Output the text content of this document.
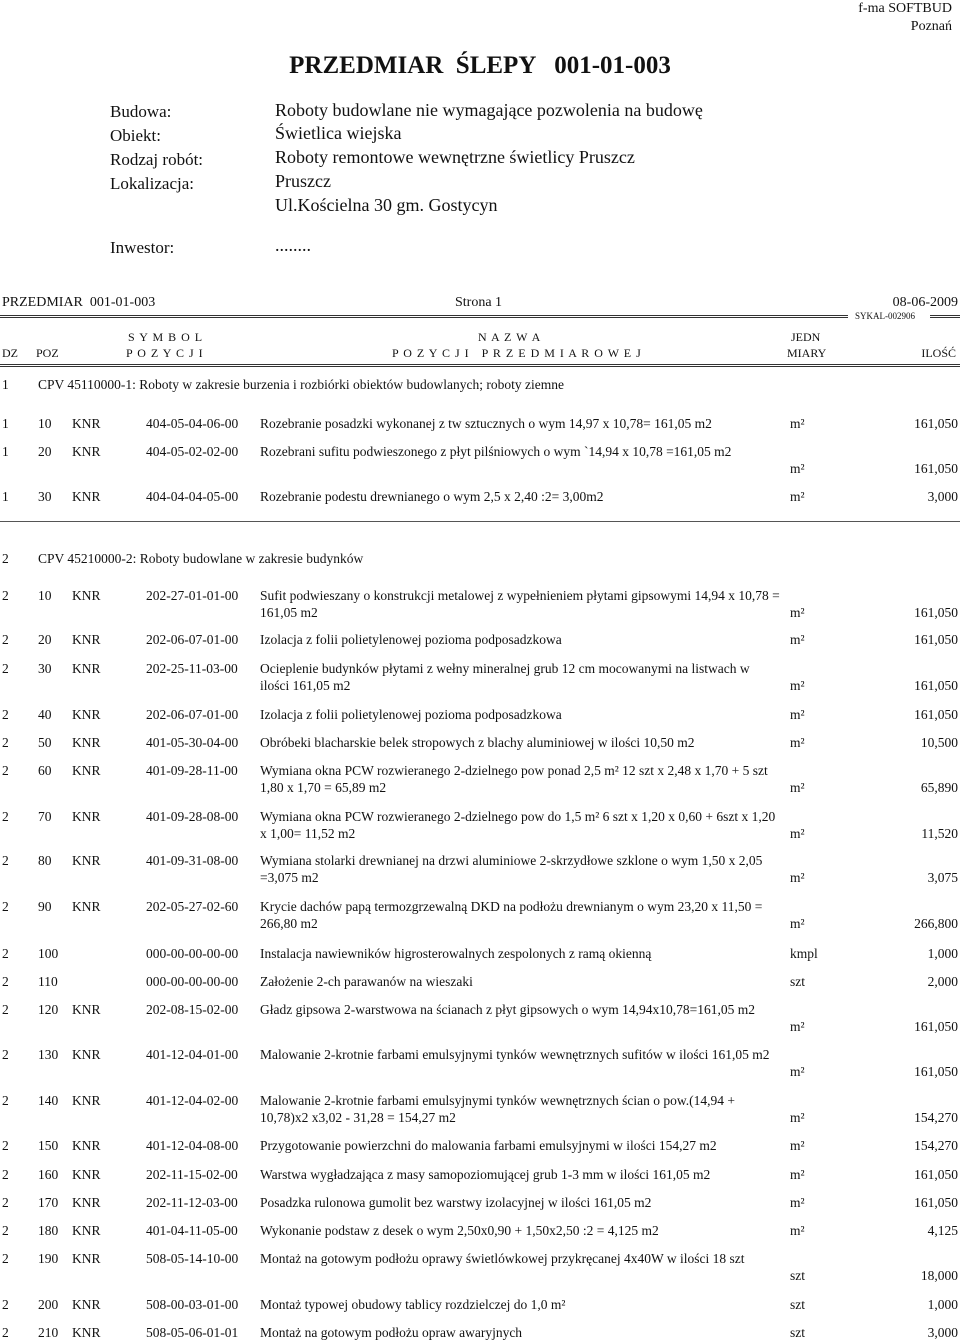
f-ma SOFTBUD
Poznań
PRZEDMIAR  ŚLEPY   001-01-003
Budowa:	Roboty budowlane nie wymagające pozwolenia na budowę
Obiekt:	Świetlica wiejska
Rodzaj robót:	Roboty remontowe wewnętrzne świetlicy Pruszcz
Lokalizacja:	Pruszcz
Ul.Kościelna 30 gm. Gostycyn
Inwestor:	........
PRZEDMIAR  001-01-003	Strona 1	08-06-2009
SYKAL-002906
S Y M B O L
P O Z Y C J I
N A Z W A
P O Z Y C J I   P R Z E D M I A R O W E J
JEDN
MIARY
DZ POZ	ILOŚĆ
1 CPV 45110000-1: Roboty w zakresie burzenia i rozbiórki obiektów budowlanych; roboty ziemne
1 10 KNR	404-05-04-06-00 Rozebranie posadzki wykonanej z tw sztucznych o wym 14,97 x 10,78= 161,05 m2	m²	161,050
1 20 KNR	404-05-02-02-00 Rozebrani sufitu podwieszonego z płyt pilśniowych o wym `14,94 x 10,78 =161,05 m2
m²	161,050
1 30 KNR	404-04-04-05-00 Rozebranie podestu drewnianego o wym 2,5 x 2,40 :2= 3,00m2	m²	3,000
2 CPV 45210000-2: Roboty budowlane w zakresie budynków
2 10 KNR	202-27-01-01-00 Sufit podwieszany o konstrukcji metalowej z wypełnieniem płytami gipsowymi 14,94 x 10,78 = 161,05 m2	m²	161,050
2 20 KNR	202-06-07-01-00 Izolacja z folii polietylenowej pozioma podposadzkowa	m²	161,050
2 30 KNR	202-25-11-03-00 Ocieplenie budynków płytami z wełny mineralnej grub 12 cm mocowanymi na listwach w ilości 161,05 m2	m²	161,050
2 40 KNR	202-06-07-01-00 Izolacja z folii polietylenowej pozioma podposadzkowa	m²	161,050
2 50 KNR	401-05-30-04-00 Obróbeki blacharskie belek stropowych z blachy aluminiowej w ilości 10,50 m2	m²	10,500
2 60 KNR	401-09-28-11-00 Wymiana okna PCW rozwieranego 2-dzielnego pow ponad 2,5 m² 12 szt x 2,48 x 1,70 + 5 szt 1,80 x 1,70 = 65,89 m2	m²	65,890
2 70 KNR	401-09-28-08-00 Wymiana okna PCW rozwieranego 2-dzielnego pow do 1,5 m² 6 szt x 1,20 x 0,60 + 6szt x 1,20 x 1,00= 11,52 m2	m²	11,520
2 80 KNR	401-09-31-08-00 Wymiana stolarki drewnianej na drzwi aluminiowe 2-skrzydłowe szklone o wym 1,50 x 2,05 =3,075 m2	m²	3,075
2 90 KNR	202-05-27-02-60 Krycie dachów papą termozgrzewalną DKD na podłożu drewnianym o wym 23,20 x 11,50 = 266,80 m2	m²	266,800
2 100	000-00-00-00-00 Instalacja nawiewników higrosterowalnych zespolonych z ramą okienną	kmpl	1,000
2 110	000-00-00-00-00 Założenie 2-ch parawanów na wieszaki	szt	2,000
2 120 KNR	202-08-15-02-00 Gładz gipsowa 2-warstwowa na ścianach z płyt gipsowych o wym 14,94x10,78=161,05 m2
m²	161,050
2 130 KNR	401-12-04-01-00 Malowanie 2-krotnie farbami emulsyjnymi tynków wewnętrznych sufitów w ilości 161,05 m2
m²	161,050
2 140 KNR	401-12-04-02-00 Malowanie 2-krotnie farbami emulsyjnymi tynków wewnętrznych ścian o pow.(14,94 + 10,78)x2 x3,02 - 31,28 = 154,27 m2	m²	154,270
2 150 KNR	401-12-04-08-00 Przygotowanie powierzchni do malowania farbami emulsyjnymi w ilości 154,27 m2	m²	154,270
2 160 KNR	202-11-15-02-00 Warstwa wygładzająca z masy samopoziomującej grub 1-3 mm w ilości 161,05 m2	m²	161,050
2 170 KNR	202-11-12-03-00 Posadzka rulonowa gumolit bez warstwy izolacyjnej w ilości 161,05 m2	m²	161,050
2 180 KNR	401-04-11-05-00 Wykonanie podstaw z desek o wym 2,50x0,90 + 1,50x2,50 :2 = 4,125 m2	m²	4,125
2 190 KNR	508-05-14-10-00 Montaż na gotowym podłożu oprawy świetlówkowej przykręcanej 4x40W w ilości 18 szt
szt	18,000
2 200 KNR	508-00-03-01-00 Montaż typowej obudowy tablicy rozdzielczej do 1,0 m²	szt	1,000
2 210 KNR	508-05-06-01-01 Montaż na gotowym podłożu opraw awaryjnych	szt	3,000
